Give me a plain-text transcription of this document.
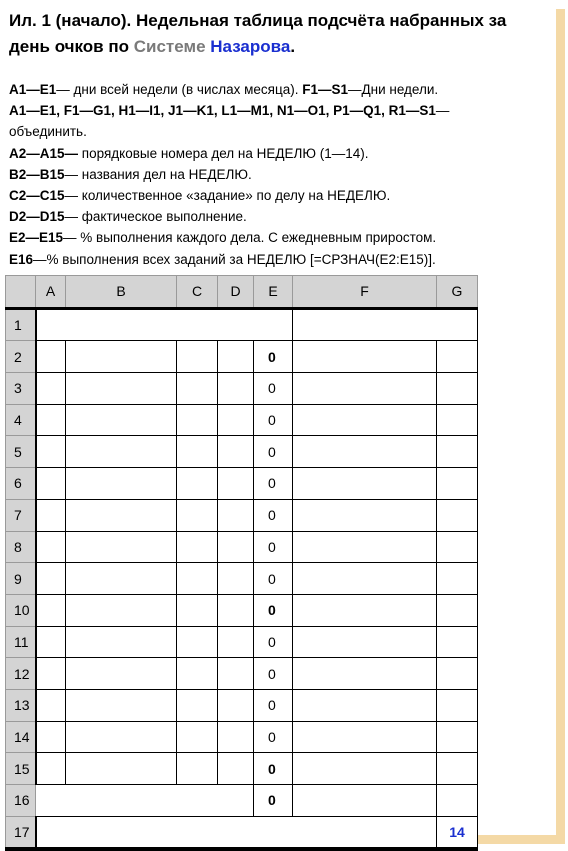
Ил. 1 (начало). Недельная таблица подсчёта набранных за день очков по Системе Назарова.
A1—E1— дни всей недели (в числах месяца). F1—S1—Дни недели.
A1—E1, F1—G1, H1—I1, J1—K1, L1—M1, N1—O1, P1—Q1, R1—S1—
объединить.
A2—A15— порядковые номера дел на НЕДЕЛЮ (1—14).
B2—B15— названия дел на НЕДЕЛЮ.
C2—C15— количественное «задание» по делу на НЕДЕЛЮ.
D2—D15— фактическое выполнение.
E2—E15— % выполнения каждого дела. С ежедневным приростом.
E16—% выполнения всех заданий за НЕДЕЛЮ [=СРЗНАЧ(E2:E15)].
	A	B	C	D	E	F	G
1							
2					0		
3					0		
4					0		
5					0		
6					0		
7					0		
8					0		
9					0		
10					0		
11					0		
12					0		
13					0		
14					0		
15					0		
16					0		
17							14
